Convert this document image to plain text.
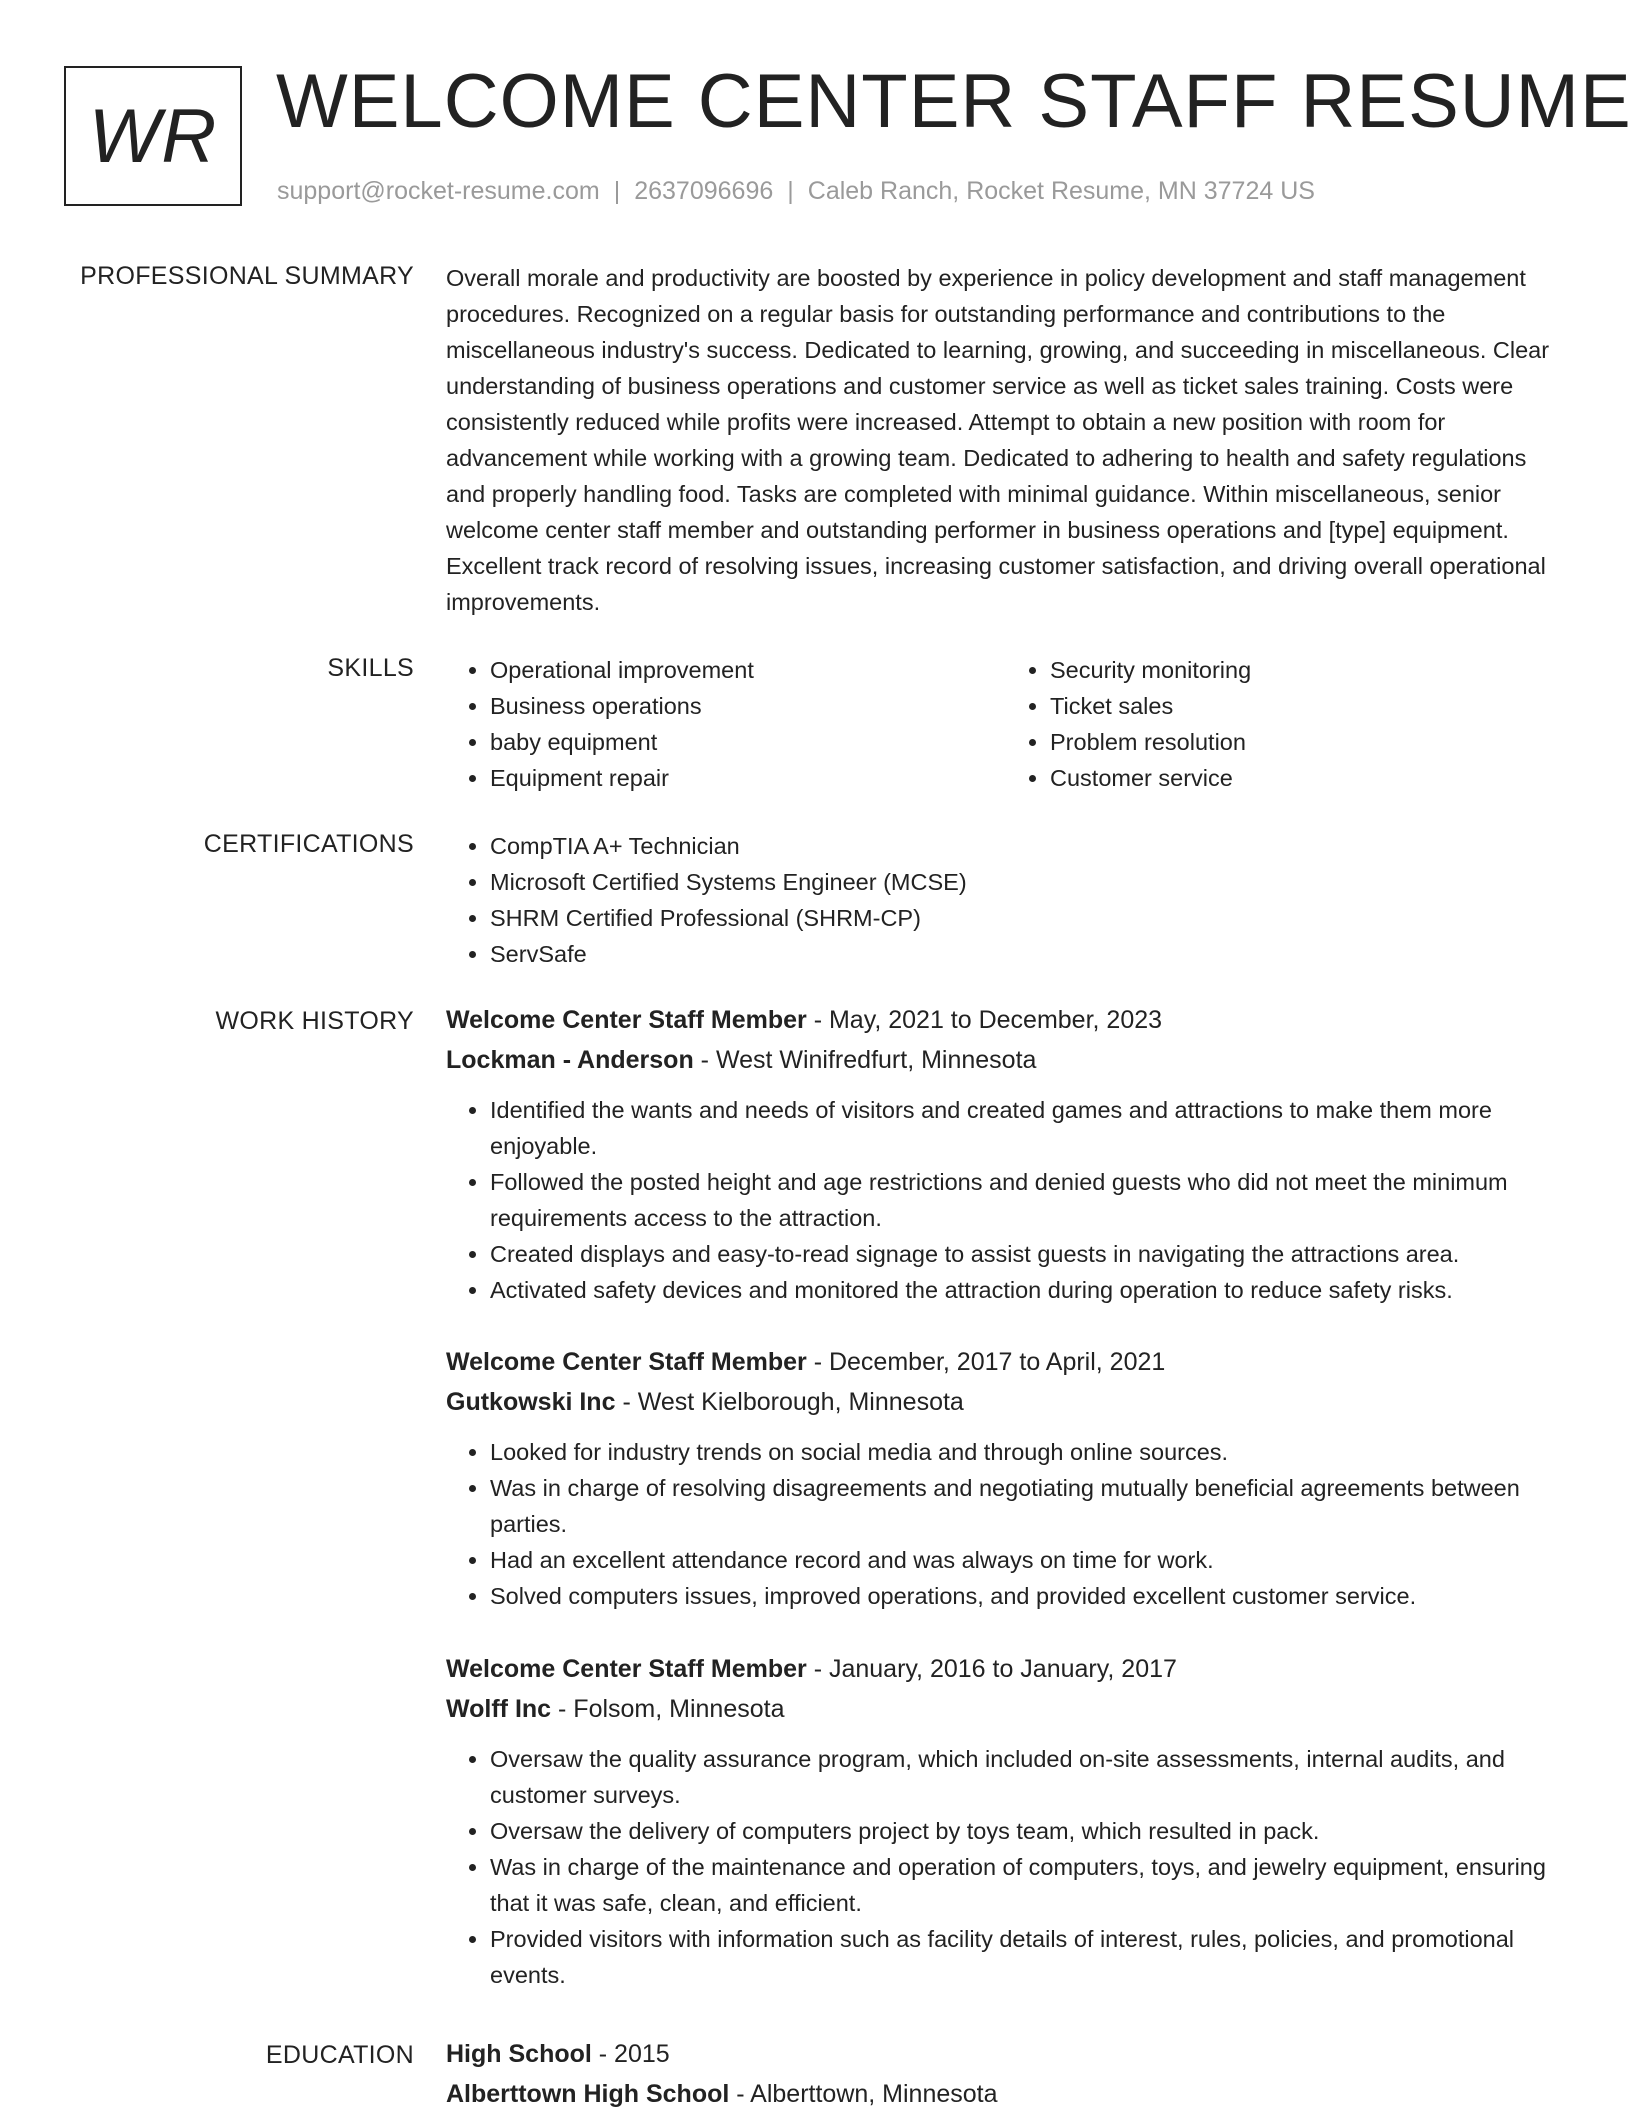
WR WELCOME CENTER STAFF RESUME
support@rocket-resume.com | 2637096696 | Caleb Ranch, Rocket Resume, MN 37724 US
PROFESSIONAL SUMMARY Overall morale and productivity are boosted by experience in policy development and staff management procedures. Recognized on a regular basis for outstanding performance and contributions to the miscellaneous industry's success. Dedicated to learning, growing, and succeeding in miscellaneous. Clear understanding of business operations and customer service as well as ticket sales training. Costs were consistently reduced while profits were increased. Attempt to obtain a new position with room for advancement while working with a growing team. Dedicated to adhering to health and safety regulations and properly handling food. Tasks are completed with minimal guidance. Within miscellaneous, senior welcome center staff member and outstanding performer in business operations and [type] equipment. Excellent track record of resolving issues, increasing customer satisfaction, and driving overall operational improvements.

SKILLS	• Operational improvement
• Business operations
• baby equipment
• Equipment repair
• Security monitoring
• Ticket sales
• Problem resolution
• Customer service
CERTIFICATIONS	• CompTIA A+ Technician
• Microsoft Certified Systems Engineer (MCSE)
• SHRM Certified Professional (SHRM-CP)
• ServSafe
WORK HISTORY Welcome Center Staff Member - May, 2021 to December, 2023
Lockman - Anderson - West Winifredfurt, Minnesota
• Identified the wants and needs of visitors and created games and attractions to make them more enjoyable.
• Followed the posted height and age restrictions and denied guests who did not meet the minimum requirements access to the attraction.
• Created displays and easy-to-read signage to assist guests in navigating the attractions area.
• Activated safety devices and monitored the attraction during operation to reduce safety risks.
Welcome Center Staff Member - December, 2017 to April, 2021
Gutkowski Inc - West Kielborough, Minnesota
• Looked for industry trends on social media and through online sources.
• Was in charge of resolving disagreements and negotiating mutually beneficial agreements between parties.
• Had an excellent attendance record and was always on time for work.
• Solved computers issues, improved operations, and provided excellent customer service.
Welcome Center Staff Member - January, 2016 to January, 2017
Wolff Inc - Folsom, Minnesota
• Oversaw the quality assurance program, which included on-site assessments, internal audits, and customer surveys.
• Oversaw the delivery of computers project by toys team, which resulted in pack.
• Was in charge of the maintenance and operation of computers, toys, and jewelry equipment, ensuring that it was safe, clean, and efficient.
• Provided visitors with information such as facility details of interest, rules, policies, and promotional events.
EDUCATION High School - 2015
Alberttown High School - Alberttown, Minnesota
